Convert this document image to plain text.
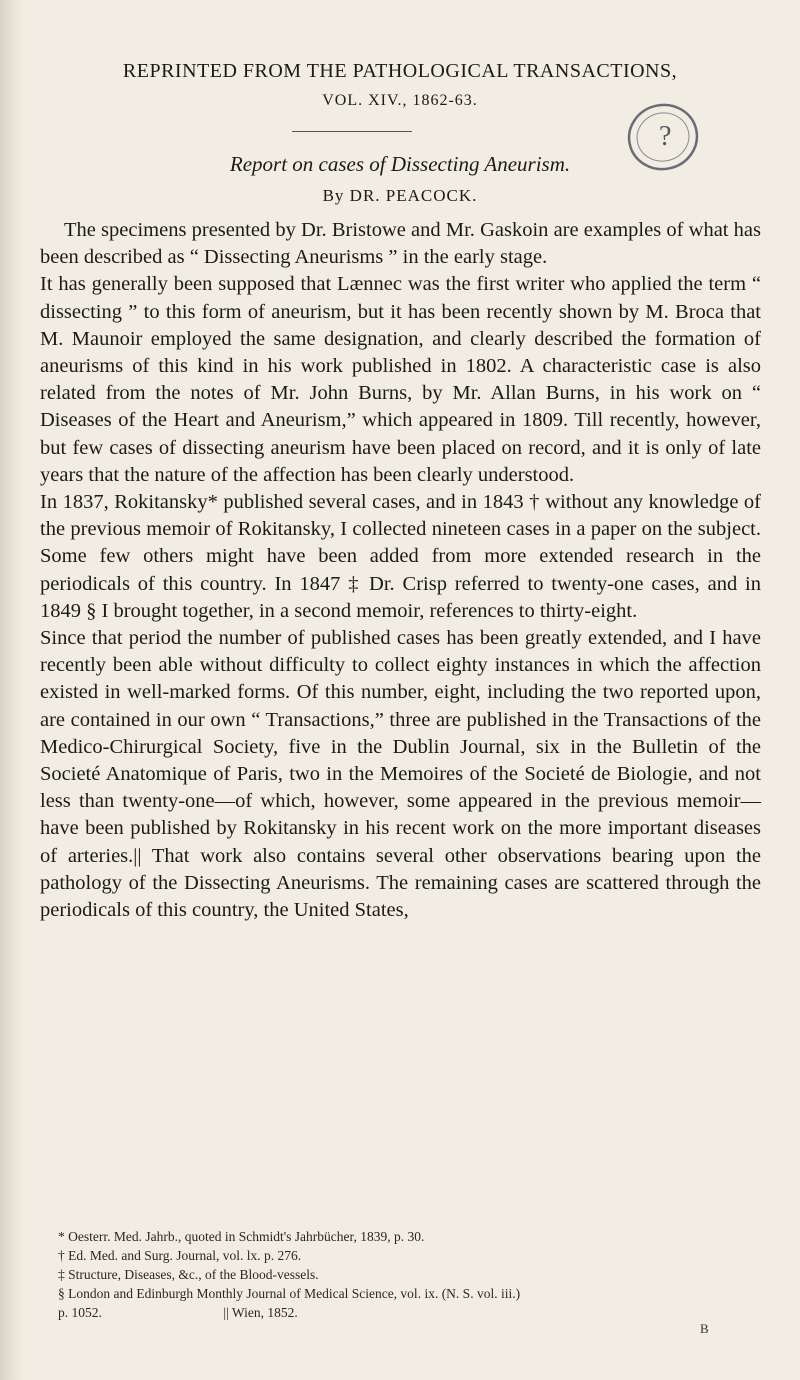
REPRINTED FROM THE PATHOLOGICAL TRANSACTIONS,
VOL. XIV., 1862-63.
?
Report on cases of Dissecting Aneurism.
By DR. PEACOCK.

The specimens presented by Dr. Bristowe and Mr. Gaskoin are examples of what has been described as “ Dissecting Aneurisms ” in the early stage.

It has generally been supposed that Lænnec was the first writer who applied the term “ dissecting ” to this form of aneurism, but it has been recently shown by M. Broca that M. Maunoir employed the same designation, and clearly described the formation of aneurisms of this kind in his work published in 1802. A characteristic case is also related from the notes of Mr. John Burns, by Mr. Allan Burns, in his work on “ Diseases of the Heart and Aneurism,” which appeared in 1809. Till recently, however, but few cases of dissecting aneurism have been placed on record, and it is only of late years that the nature of the affection has been clearly understood.

In 1837, Rokitansky* published several cases, and in 1843 † without any knowledge of the previous memoir of Rokitansky, I collected nineteen cases in a paper on the subject. Some few others might have been added from more extended research in the periodicals of this country. In 1847 ‡ Dr. Crisp referred to twenty-one cases, and in 1849 § I brought together, in a second memoir, references to thirty-eight.

Since that period the number of published cases has been greatly extended, and I have recently been able without difficulty to collect eighty instances in which the affection existed in well-marked forms. Of this number, eight, including the two reported upon, are contained in our own “ Transactions,” three are published in the Transactions of the Medico-Chirurgical Society, five in the Dublin Journal, six in the Bulletin of the Societé Anatomique of Paris, two in the Memoires of the Societé de Biologie, and not less than twenty-one—of which, however, some appeared in the previous memoir—have been published by Rokitansky in his recent work on the more important diseases of arteries.|| That work also contains several other observations bearing upon the pathology of the Dissecting Aneurisms. The remaining cases are scattered through the periodicals of this country, the United States,

* Oesterr. Med. Jahrb., quoted in Schmidt's Jahrbücher, 1839, p. 30.
† Ed. Med. and Surg. Journal, vol. lx. p. 276.
‡ Structure, Diseases, &c., of the Blood-vessels.
§ London and Edinburgh Monthly Journal of Medical Science, vol. ix. (N. S. vol. iii.)
p. 1052.                                    || Wien, 1852.
B
